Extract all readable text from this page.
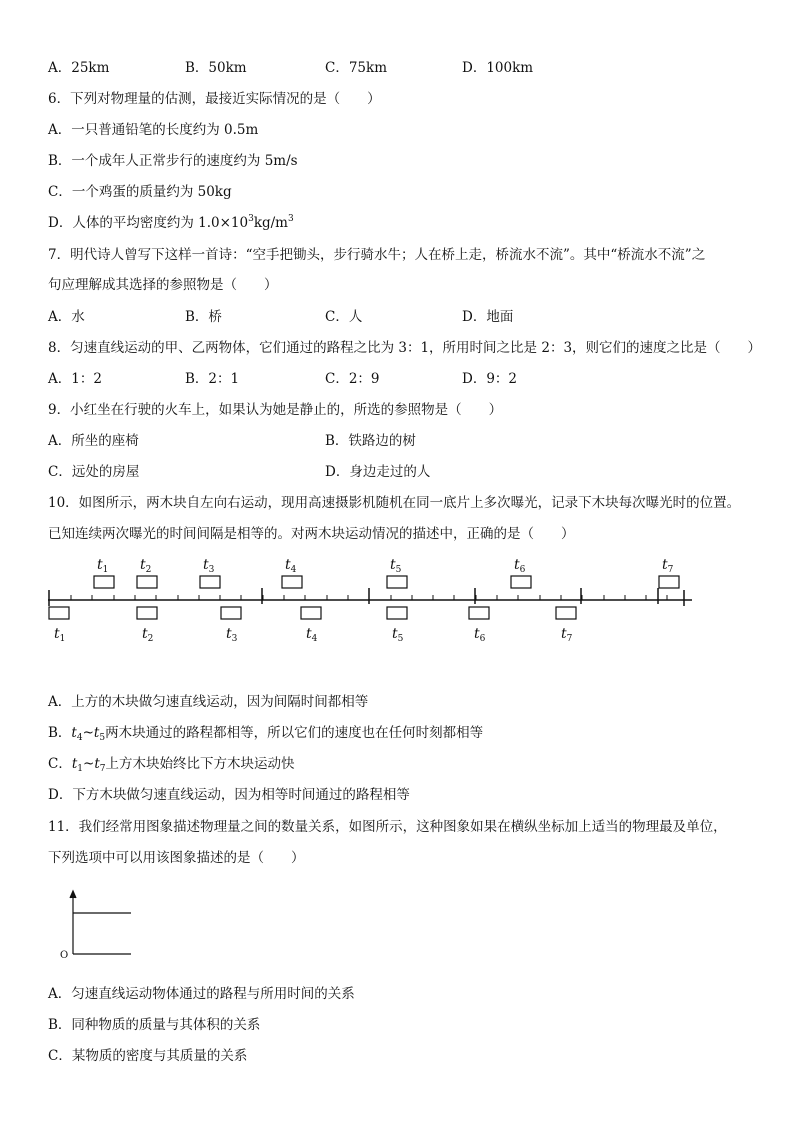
A．25km	B．50km	C．75km	D．100km
6．下列对物理量的估测，最接近实际情况的是（　　）
A．一只普通铅笔的长度约为 0.5m
B．一个成年人正常步行的速度约为 5m/s
C．一个鸡蛋的质量约为 50kg
D．人体的平均密度约为 $1.0\times 10^3kg/m^3$
7．明代诗人曾写下这样一首诗：“空手把锄头，步行骑水牛；人在桥上走，桥流水不流”。其中“桥流水不流”之
句应理解成其选择的参照物是（　　）
A．水	B．桥	C．人	D．地面
8．匀速直线运动的甲、乙两物体，它们通过的路程之比为 3：1，所用时间之比是 2：3，则它们的速度之比是（　　）
A．1：2	B．2：1	C．2：9	D．9：2
9．小红坐在行驶的火车上，如果认为她是静止的，所选的参照物是（　　）
A．所坐的座椅	B．铁路边的树
C．远处的房屋	D．身边走过的人
10．如图所示，两木块自左向右运动，现用高速摄影机随机在同一底片上多次曝光，记录下木块每次曝光时的位置。
已知连续两次曝光的时间间隔是相等的。对两木块运动情况的描述中，正确的是（　　）
$t_1$ $t_2$	$t_3$	$t_4$	$t_5$	$t_6$	$t_7$
$t_1$	$t_2$	$t_3$	$t_4$	$t_5$	$t_6$	$t_7$
A．上方的木块做匀速直线运动，因为间隔时间都相等
B．$t_4\sim t_5$两木块通过的路程都相等，所以它们的速度也在任何时刻都相等
C．$t_1\sim t_7$上方木块始终比下方木块运动快
D．下方木块做匀速直线运动，因为相等时间通过的路程相等
11．我们经常用图象描述物理量之间的数量关系，如图所示，这种图象如果在横纵坐标加上适当的物理最及单位，
下列选项中可以用该图象描述的是（　　）
O
A．匀速直线运动物体通过的路程与所用时间的关系
B．同种物质的质量与其体积的关系
C．某物质的密度与其质量的关系
